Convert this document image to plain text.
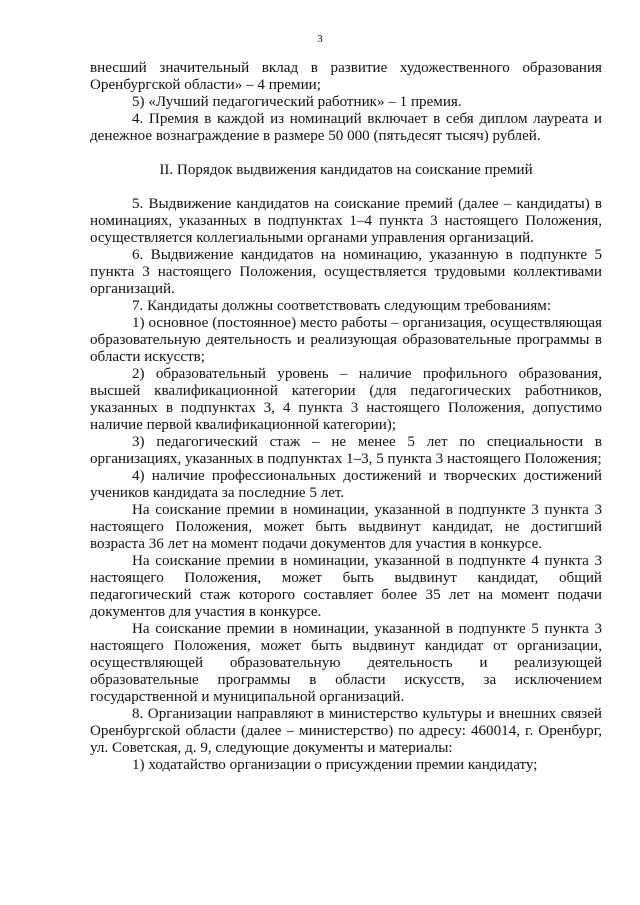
3

внесший значительный вклад в развитие художественного образования Оренбургской области» – 4 премии;

5) «Лучший педагогический работник» – 1 премия.

4. Премия в каждой из номинаций включает в себя диплом лауреата и денежное вознаграждение в размере 50 000 (пятьдесят тысяч) рублей.

II. Порядок выдвижения кандидатов на соискание премий

5. Выдвижение кандидатов на соискание премий (далее – кандидаты) в номинациях, указанных в подпунктах 1–4 пункта 3 настоящего Положения, осуществляется коллегиальными органами управления организаций.

6. Выдвижение кандидатов на номинацию, указанную в подпункте 5 пункта 3 настоящего Положения, осуществляется трудовыми коллективами организаций.

7. Кандидаты должны соответствовать следующим требованиям:

1) основное (постоянное) место работы – организация, осуществляющая образовательную деятельность и реализующая образовательные программы в области искусств;

2) образовательный уровень – наличие профильного образования, высшей квалификационной категории (для педагогических работников, указанных в подпунктах 3, 4 пункта 3 настоящего Положения, допустимо наличие первой квалификационной категории);

3) педагогический стаж – не менее 5 лет по специальности в организациях, указанных в подпунктах 1–3, 5 пункта 3 настоящего Положения;

4) наличие профессиональных достижений и творческих достижений учеников кандидата за последние 5 лет.

На соискание премии в номинации, указанной в подпункте 3 пункта 3 настоящего Положения, может быть выдвинут кандидат, не достигший возраста 36 лет на момент подачи документов для участия в конкурсе.

На соискание премии в номинации, указанной в подпункте 4 пункта 3 настоящего Положения, может быть выдвинут кандидат, общий педагогический стаж которого составляет более 35 лет на момент подачи документов для участия в конкурсе.

На соискание премии в номинации, указанной в подпункте 5 пункта 3 настоящего Положения, может быть выдвинут кандидат от организации, осуществляющей образовательную деятельность и реализующей образовательные программы в области искусств, за исключением государственной и муниципальной организаций.

8. Организации направляют в министерство культуры и внешних связей Оренбургской области (далее – министерство) по адресу: 460014, г. Оренбург, ул. Советская, д. 9, следующие документы и материалы:

1) ходатайство организации о присуждении премии кандидату;
